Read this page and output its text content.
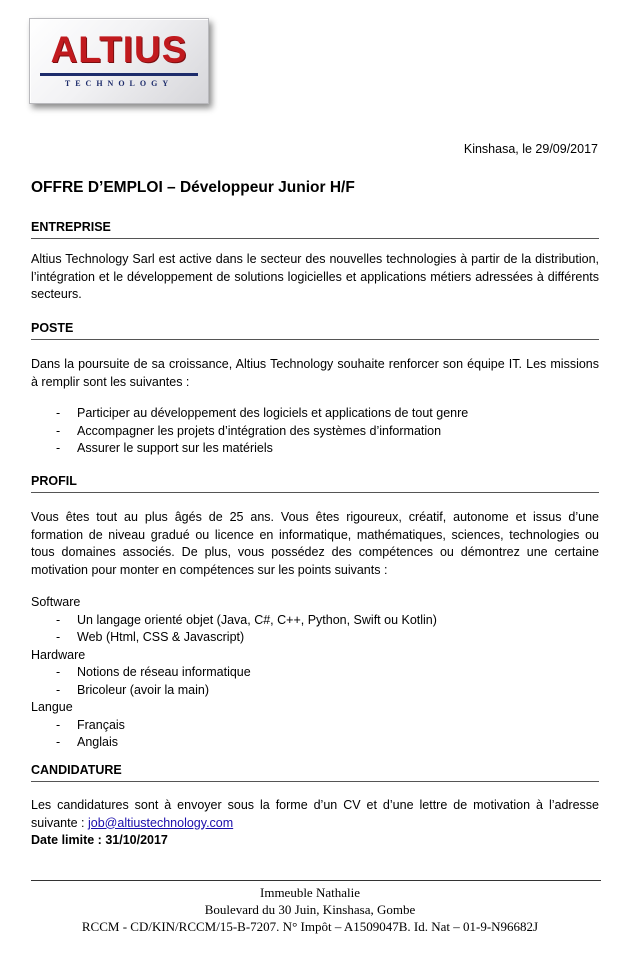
ALTIUS
TECHNOLOGY
Kinshasa, le 29/09/2017
OFFRE D’EMPLOI – Développeur Junior H/F
ENTREPRISE
Altius Technology Sarl est active dans le secteur des nouvelles technologies à partir de la distribution, l’intégration et le développement de solutions logicielles et applications métiers adressées à différents secteurs.
POSTE
Dans la poursuite de sa croissance, Altius Technology souhaite renforcer son équipe IT. Les missions à remplir sont les suivantes :
- Participer au développement des logiciels et applications de tout genre
- Accompagner les projets d’intégration des systèmes d’information
- Assurer le support sur les matériels
PROFIL
Vous êtes tout au plus âgés de 25 ans. Vous êtes rigoureux, créatif, autonome et issus d’une formation de niveau gradué ou licence en informatique, mathématiques, sciences, technologies ou tous domaines associés. De plus, vous possédez des compétences ou démontrez une certaine motivation pour monter en compétences sur les points suivants :
Software
- Un langage orienté objet (Java, C#, C++, Python, Swift ou Kotlin)
- Web (Html, CSS & Javascript)
Hardware
- Notions de réseau informatique
- Bricoleur (avoir la main)
Langue
- Français
- Anglais
CANDIDATURE
Les candidatures sont à envoyer sous la forme d’un CV et d’une lettre de motivation à l’adresse suivante : job@altiustechnology.com
Date limite : 31/10/2017
Immeuble Nathalie
Boulevard du 30 Juin, Kinshasa, Gombe
RCCM - CD/KIN/RCCM/15-B-7207. N° Impôt – A1509047B. Id. Nat – 01-9-N96682J
